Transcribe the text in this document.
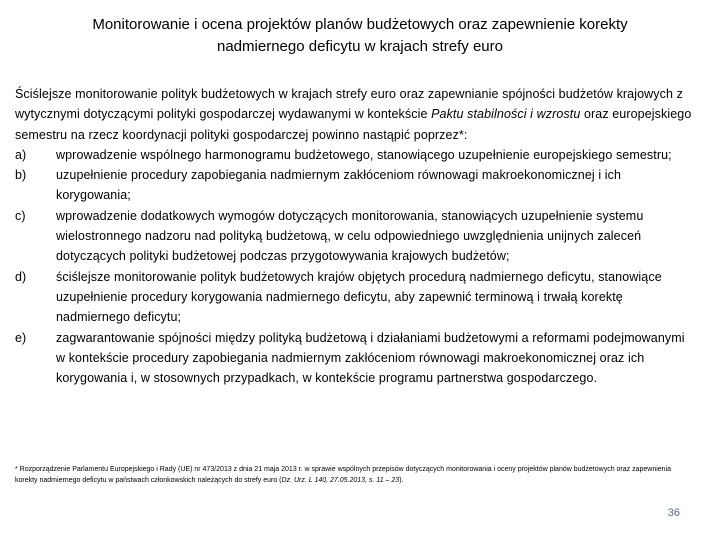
Monitorowanie i ocena projektów planów budżetowych oraz zapewnienie korekty
nadmiernego deficytu w krajach strefy euro

Ściślejsze monitorowanie polityk budżetowych w krajach strefy euro oraz zapewnianie spójności budżetów krajowych z wytycznymi dotyczącymi polityki gospodarczej wydawanymi w kontekście Paktu stabilności i wzrostu oraz europejskiego semestru na rzecz koordynacji polityki gospodarczej powinno nastąpić poprzez*:

a) wprowadzenie wspólnego harmonogramu budżetowego, stanowiącego uzupełnienie europejskiego semestru;
b) uzupełnienie procedury zapobiegania nadmiernym zakłóceniom równowagi makroekonomicznej i ich korygowania;
c) wprowadzenie dodatkowych wymogów dotyczących monitorowania, stanowiących uzupełnienie systemu wielostronnego nadzoru nad polityką budżetową, w celu odpowiedniego uwzględnienia unijnych zaleceń dotyczących polityki budżetowej podczas przygotowywania krajowych budżetów;
d) ściślejsze monitorowanie polityk budżetowych krajów objętych procedurą nadmiernego deficytu, stanowiące uzupełnienie procedury korygowania nadmiernego deficytu, aby zapewnić terminową i trwałą korektę nadmiernego deficytu;
e) zagwarantowanie spójności między polityką budżetową i działaniami budżetowymi a reformami podejmowanymi w kontekście procedury zapobiegania nadmiernym zakłóceniom równowagi makroekonomicznej oraz ich korygowania i, w stosownych przypadkach, w kontekście programu partnerstwa gospodarczego.
* Rozporządzenie Parlamentu Europejskiego i Rady (UE) nr 473/2013 z dnia 21 maja 2013 r. w sprawie wspólnych przepisów dotyczących monitorowania i oceny projektów planów budżetowych oraz zapewnienia korekty nadmiernego deficytu w państwach członkowskich należących do strefy euro (Dz. Urz. L 140, 27.05.2013, s. 11 – 23).
36
